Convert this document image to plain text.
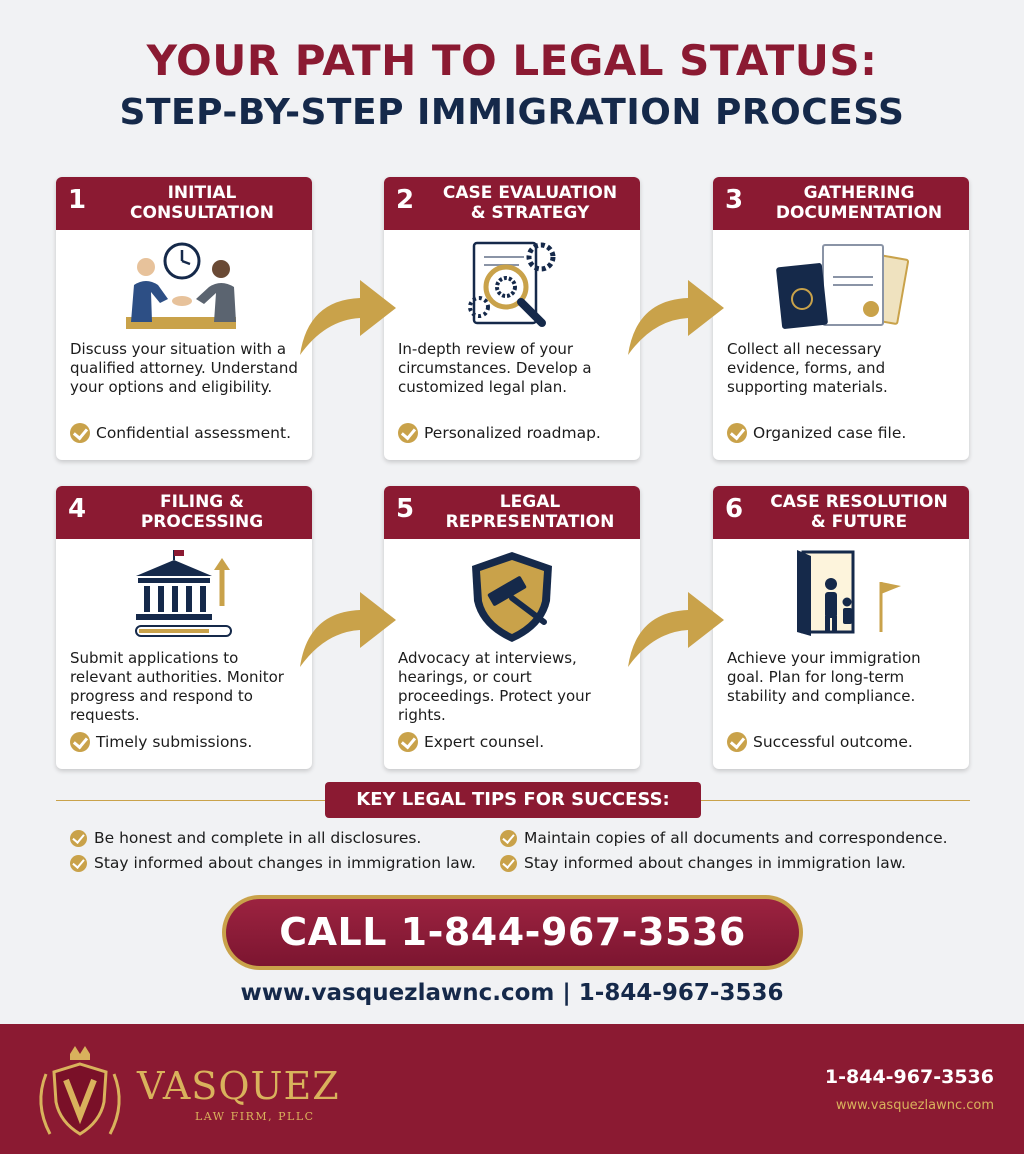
YOUR PATH TO LEGAL STATUS:
STEP-BY-STEP IMMIGRATION PROCESS
1	INITIAL
CONSULTATION
Discuss your situation with a qualified attorney. Understand your options and eligibility.
Confidential assessment.
2	CASE EVALUATION
& STRATEGY
In-depth review of your circumstances. Develop a customized legal plan.
Personalized roadmap.
3	GATHERING
DOCUMENTATION
Collect all necessary evidence, forms, and supporting materials.
Organized case file.
4	FILING &
PROCESSING
Submit applications to relevant authorities. Monitor progress and respond to requests.
Timely submissions.
5	LEGAL
REPRESENTATION
Advocacy at interviews, hearings, or court proceedings. Protect your rights.
Expert counsel.
6	CASE RESOLUTION
& FUTURE
Achieve your immigration goal. Plan for long-term stability and compliance.
Successful outcome.
KEY LEGAL TIPS FOR SUCCESS:
Be honest and complete in all disclosures.	Maintain copies of all documents and correspondence.
Stay informed about changes in immigration law.	Stay informed about changes in immigration law.
CALL 1-844-967-3536
www.vasquezlawnc.com | 1-844-967-3536
VASQUEZ
LAW FIRM, PLLC
1-844-967-3536
www.vasquezlawnc.com
